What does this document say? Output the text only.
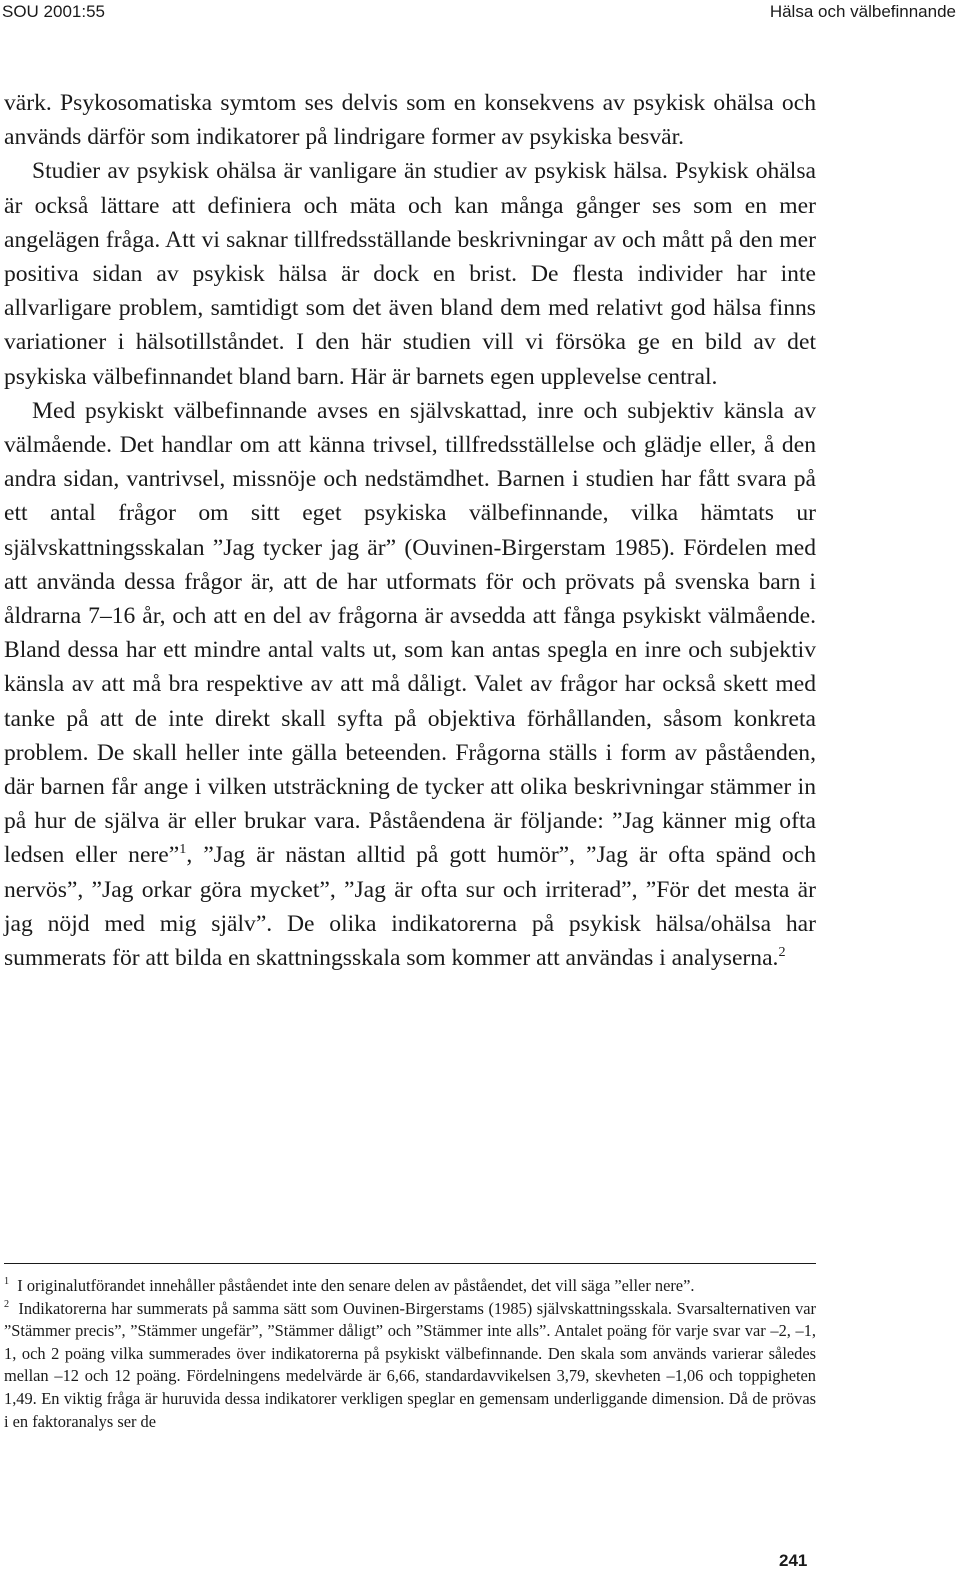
SOU 2001:55	Hälsa och välbefinnande

värk. Psykosomatiska symtom ses delvis som en konsekvens av psykisk ohälsa och används därför som indikatorer på lindrigare former av psykiska besvär.

Studier av psykisk ohälsa är vanligare än studier av psykisk hälsa. Psykisk ohälsa är också lättare att definiera och mäta och kan många gånger ses som en mer angelägen fråga. Att vi saknar tillfredsställande beskrivningar av och mått på den mer positiva sidan av psykisk hälsa är dock en brist. De flesta individer har inte allvarligare problem, samtidigt som det även bland dem med relativt god hälsa finns variationer i hälsotillståndet. I den här studien vill vi försöka ge en bild av det psykiska välbefinnandet bland barn. Här är barnets egen upplevelse central.

Med psykiskt välbefinnande avses en självskattad, inre och subjektiv känsla av välmående. Det handlar om att känna trivsel, tillfredsställelse och glädje eller, å den andra sidan, vantrivsel, missnöje och nedstämdhet. Barnen i studien har fått svara på ett antal frågor om sitt eget psykiska välbefinnande, vilka hämtats ur självskattningsskalan ”Jag tycker jag är” (Ouvinen-Birgerstam 1985). Fördelen med att använda dessa frågor är, att de har utformats för och prövats på svenska barn i åldrarna 7–16 år, och att en del av frågorna är avsedda att fånga psykiskt välmående. Bland dessa har ett mindre antal valts ut, som kan antas spegla en inre och subjektiv känsla av att må bra respektive av att må dåligt. Valet av frågor har också skett med tanke på att de inte direkt skall syfta på objektiva förhållanden, såsom konkreta problem. De skall heller inte gälla beteenden. Frågorna ställs i form av påståenden, där barnen får ange i vilken utsträckning de tycker att olika beskrivningar stämmer in på hur de själva är eller brukar vara. Påståendena är följande: ”Jag känner mig ofta ledsen eller nere”$^1$, ”Jag är nästan alltid på gott humör”, ”Jag är ofta spänd och nervös”, ”Jag orkar göra mycket”, ”Jag är ofta sur och irriterad”, ”För det mesta är jag nöjd med mig själv”. De olika indikatorerna på psykisk hälsa/ohälsa har summerats för att bilda en skattningsskala som kommer att användas i analyserna.$^2$

$^1$ I originalutförandet innehåller påståendet inte den senare delen av påståendet, det vill säga ”eller nere”.

$^2$ Indikatorerna har summerats på samma sätt som Ouvinen-Birgerstams (1985) självskattningsskala. Svarsalternativen var ”Stämmer precis”, ”Stämmer ungefär”, ”Stämmer dåligt” och ”Stämmer inte alls”. Antalet poäng för varje svar var –2, –1, 1, och 2 poäng vilka summerades över indikatorerna på psykiskt välbefinnande. Den skala som används varierar således mellan –12 och 12 poäng. Fördelningens medelvärde är 6,66, standardavvikelsen 3,79, skevheten –1,06 och toppigheten 1,49. En viktig fråga är huruvida dessa indikatorer verkligen speglar en gemensam underliggande dimension. Då de prövas i en faktoranalys ser de

241
